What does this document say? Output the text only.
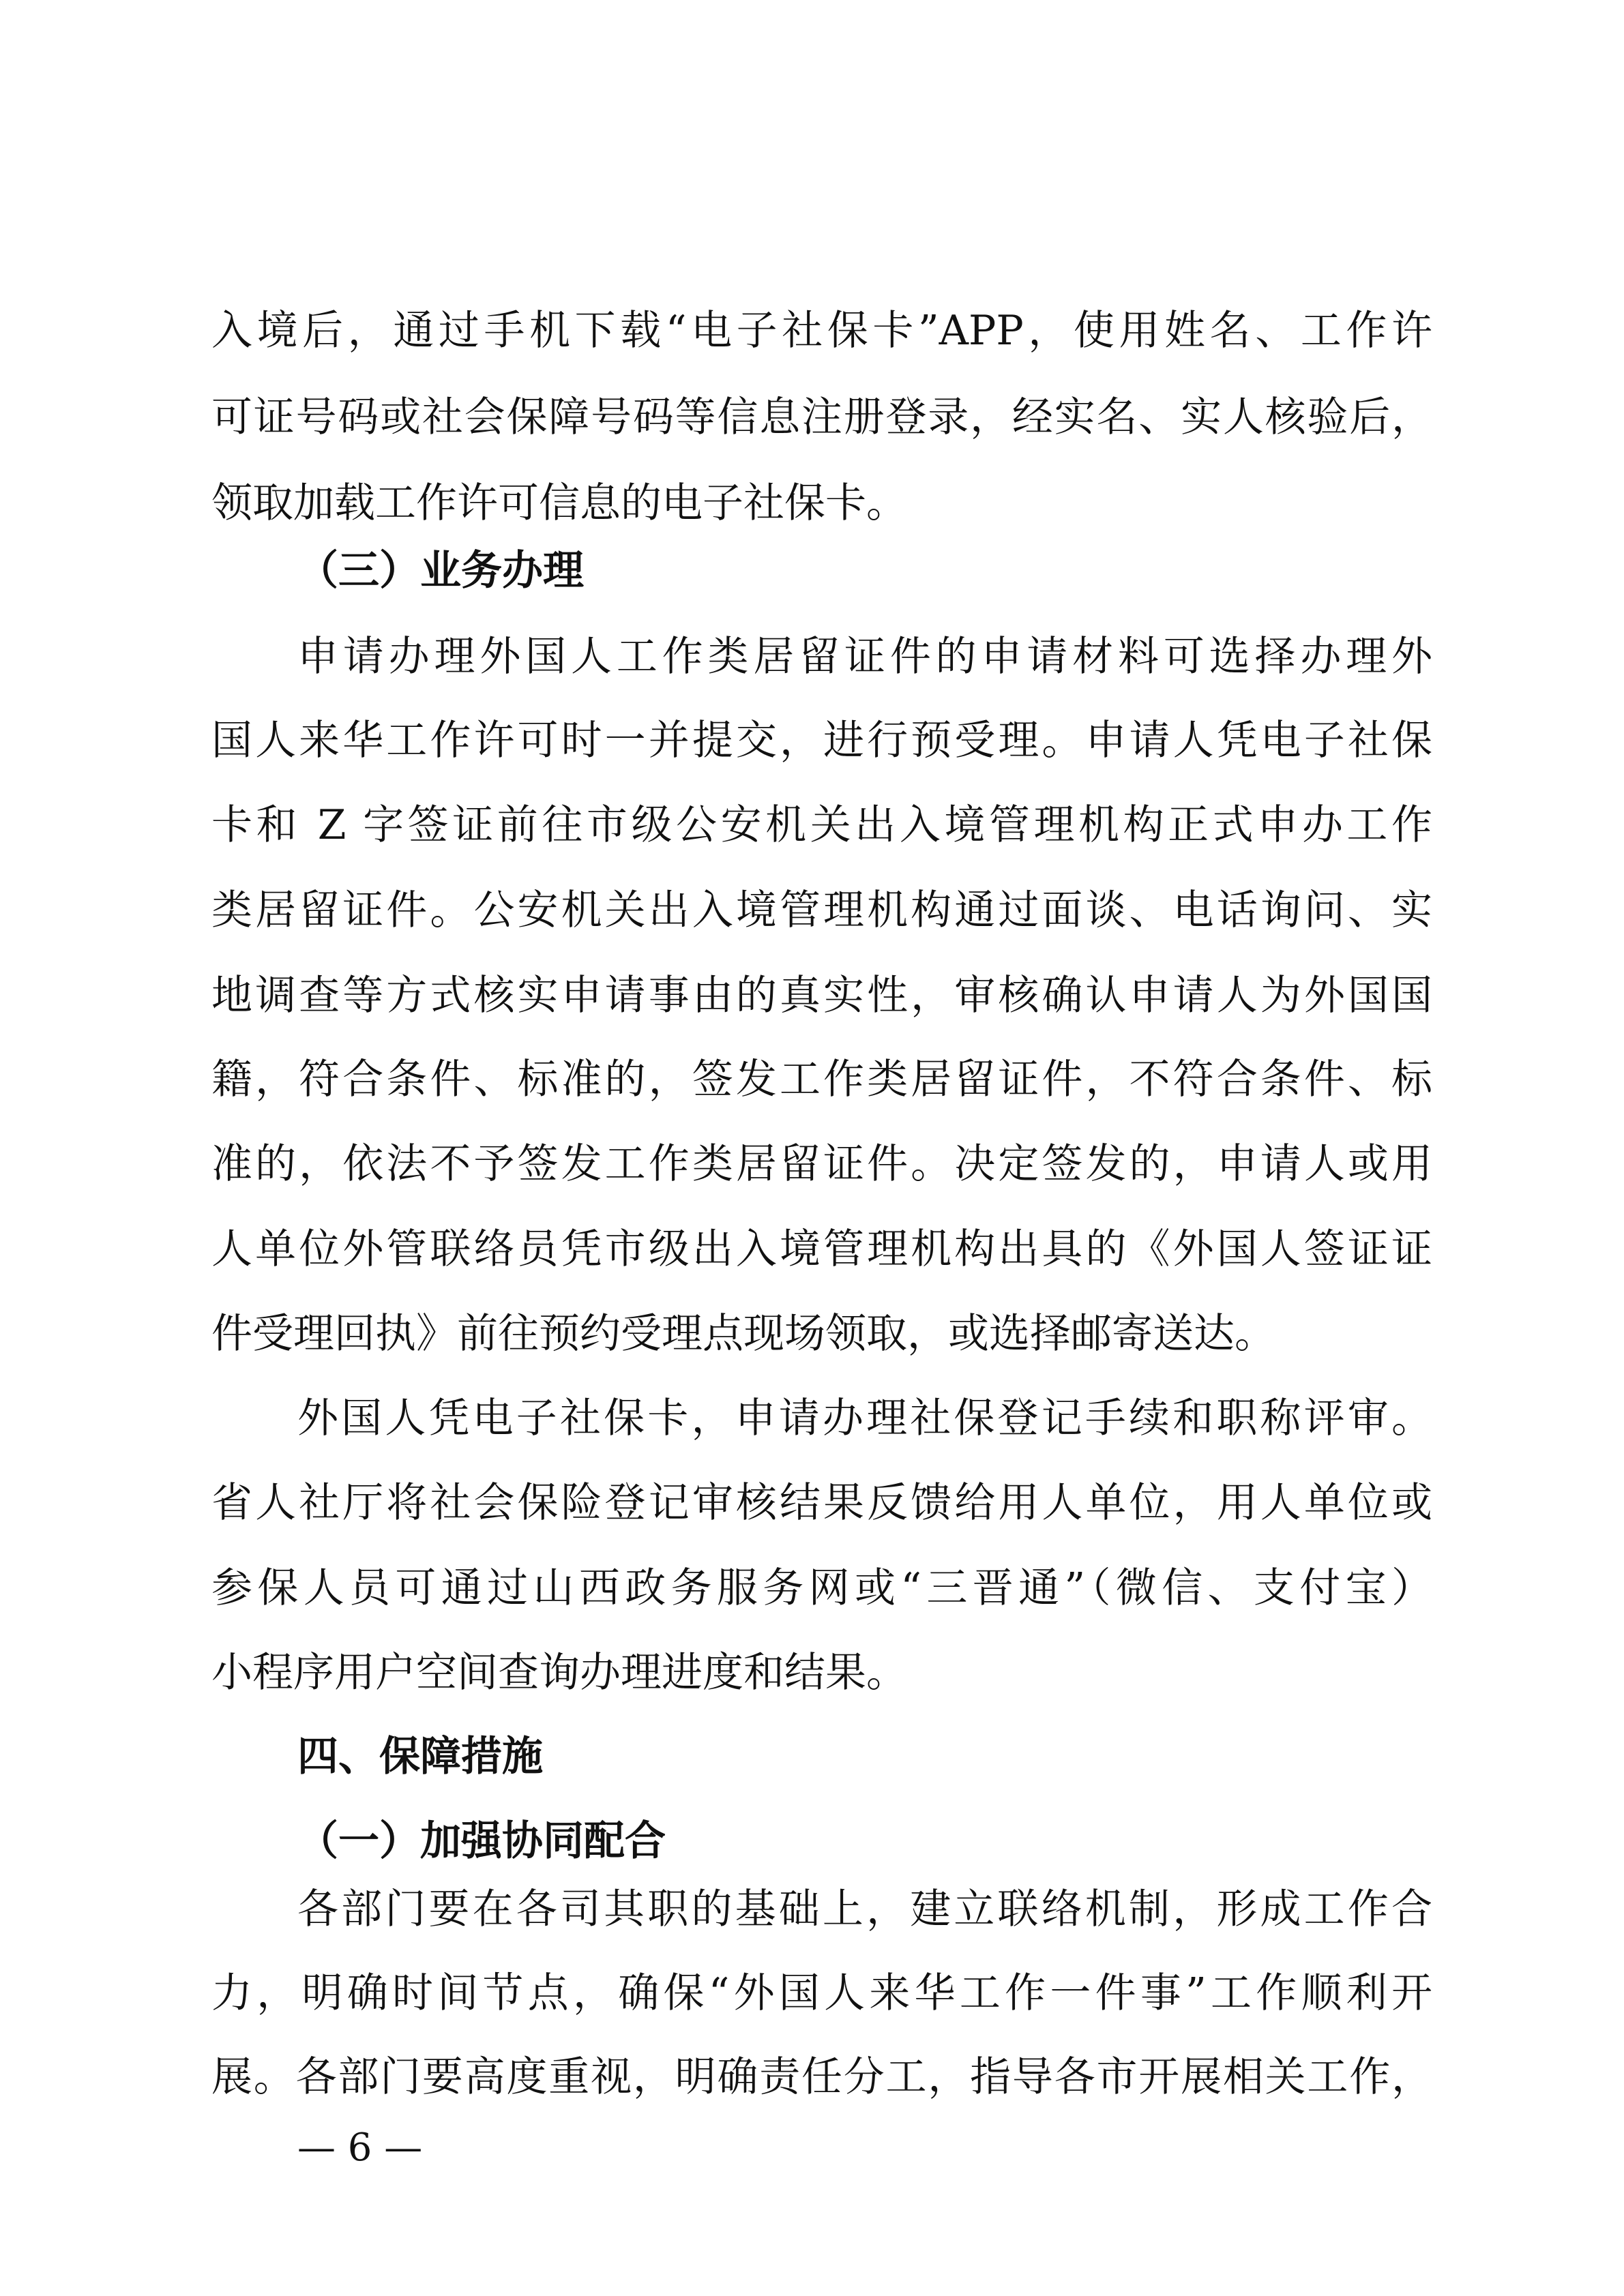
入境后，通过手机下载“电子社保卡”APP，使用姓名、工作许
可证号码或社会保障号码等信息注册登录，经实名、实人核验后，
领取加载工作许可信息的电子社保卡。
（三）业务办理
申请办理外国人工作类居留证件的申请材料可选择办理外
国人来华工作许可时一并提交，进行预受理。申请人凭电子社保
卡和 Z 字签证前往市级公安机关出入境管理机构正式申办工作
类居留证件。公安机关出入境管理机构通过面谈、电话询问、实
地调查等方式核实申请事由的真实性，审核确认申请人为外国国
籍，符合条件、标准的，签发工作类居留证件，不符合条件、标
准的，依法不予签发工作类居留证件。决定签发的，申请人或用
人单位外管联络员凭市级出入境管理机构出具的《外国人签证证
件受理回执》前往预约受理点现场领取，或选择邮寄送达。
外国人凭电子社保卡，申请办理社保登记手续和职称评审。
省人社厅将社会保险登记审核结果反馈给用人单位，用人单位或
参保人员可通过山西政务服务网或“三晋通”（微信、支付宝）
小程序用户空间查询办理进度和结果。
四、保障措施
（一）加强协同配合
各部门要在各司其职的基础上，建立联络机制，形成工作合
力，明确时间节点，确保“外国人来华工作一件事”工作顺利开
展。各部门要高度重视，明确责任分工，指导各市开展相关工作，
— 6 —
